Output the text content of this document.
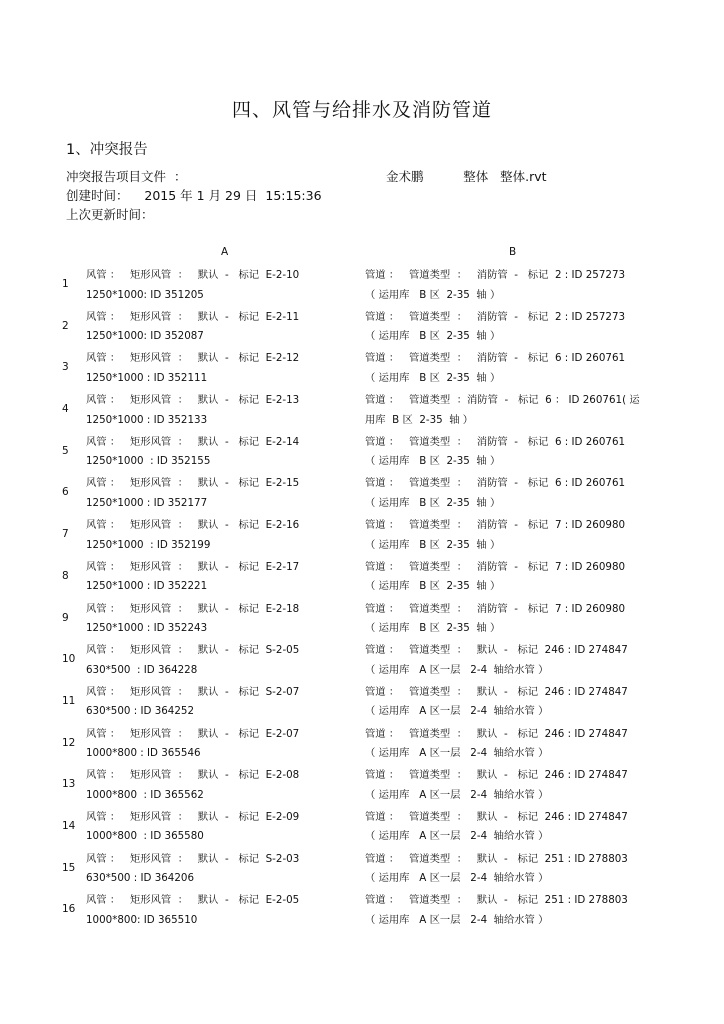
四、风管与给排水及消防管道
1、冲突报告
冲突报告项目文件  ：	金术鹏          整体   整体.rvt
创建时间：    2015 年 1 月 29 日  15:15:36
上次更新时间：
A	B
1
风管 ：   矩形风管  ：   默认  -   标记  E-2-10
1250*1000: ID 351205
管道 ：   管道类型  ：   消防管  -   标记  2 : ID 257273
（ 运用库   B 区  2-35  轴 ）
2
风管 ：   矩形风管  ：   默认  -   标记  E-2-11
1250*1000: ID 352087
管道 ：   管道类型  ：   消防管  -   标记  2 : ID 257273
（ 运用库   B 区  2-35  轴 ）
3
风管 ：   矩形风管  ：   默认  -   标记  E-2-12
1250*1000 : ID 352111
管道 ：   管道类型  ：   消防管  -   标记  6 : ID 260761
（ 运用库   B 区  2-35  轴 ）
4
风管 ：   矩形风管  ：   默认  -   标记  E-2-13
1250*1000 : ID 352133
管道 ：   管道类型  ：消防管  -   标记  6 ： ID 260761( 运
用库  B 区  2-35  轴 ）
5
风管 ：   矩形风管  ：   默认  -   标记  E-2-14
1250*1000  : ID 352155
管道 ：   管道类型  ：   消防管  -   标记  6 : ID 260761
（ 运用库   B 区  2-35  轴 ）
6
风管 ：   矩形风管  ：   默认  -   标记  E-2-15
1250*1000 : ID 352177
管道 ：   管道类型  ：   消防管  -   标记  6 : ID 260761
（ 运用库   B 区  2-35  轴 ）
7
风管 ：   矩形风管  ：   默认  -   标记  E-2-16
1250*1000  : ID 352199
管道 ：   管道类型  ：   消防管  -   标记  7 : ID 260980
（ 运用库   B 区  2-35  轴 ）
8
风管 ：   矩形风管  ：   默认  -   标记  E-2-17
1250*1000 : ID 352221
管道 ：   管道类型  ：   消防管  -   标记  7 : ID 260980
（ 运用库   B 区  2-35  轴 ）
9
风管 ：   矩形风管  ：   默认  -   标记  E-2-18
1250*1000 : ID 352243
管道 ：   管道类型  ：   消防管  -   标记  7 : ID 260980
（ 运用库   B 区  2-35  轴 ）
10
风管 ：   矩形风管  ：   默认  -   标记  S-2-05
630*500  : ID 364228
管道 ：   管道类型  ：   默认  -   标记  246 : ID 274847
（ 运用库   A 区一层   2-4  轴给水管 ）
11
风管 ：   矩形风管  ：   默认  -   标记  S-2-07
630*500 : ID 364252
管道 ：   管道类型  ：   默认  -   标记  246 : ID 274847
（ 运用库   A 区一层   2-4  轴给水管 ）
12
风管 ：   矩形风管  ：   默认  -   标记  E-2-07
1000*800 : ID 365546
管道 ：   管道类型  ：   默认  -   标记  246 : ID 274847
（ 运用库   A 区一层   2-4  轴给水管 ）
13
风管 ：   矩形风管  ：   默认  -   标记  E-2-08
1000*800  : ID 365562
管道 ：   管道类型  ：   默认  -   标记  246 : ID 274847
（ 运用库   A 区一层   2-4  轴给水管 ）
14
风管 ：   矩形风管  ：   默认  -   标记  E-2-09
1000*800  : ID 365580
管道 ：   管道类型  ：   默认  -   标记  246 : ID 274847
（ 运用库   A 区一层   2-4  轴给水管 ）
15
风管 ：   矩形风管  ：   默认  -   标记  S-2-03
630*500 : ID 364206
管道 ：   管道类型  ：   默认  -   标记  251 : ID 278803
（ 运用库   A 区一层   2-4  轴给水管 ）
16
风管 ：   矩形风管  ：   默认  -   标记  E-2-05
1000*800: ID 365510
管道 ：   管道类型  ：   默认  -   标记  251 : ID 278803
（ 运用库   A 区一层   2-4  轴给水管 ）
